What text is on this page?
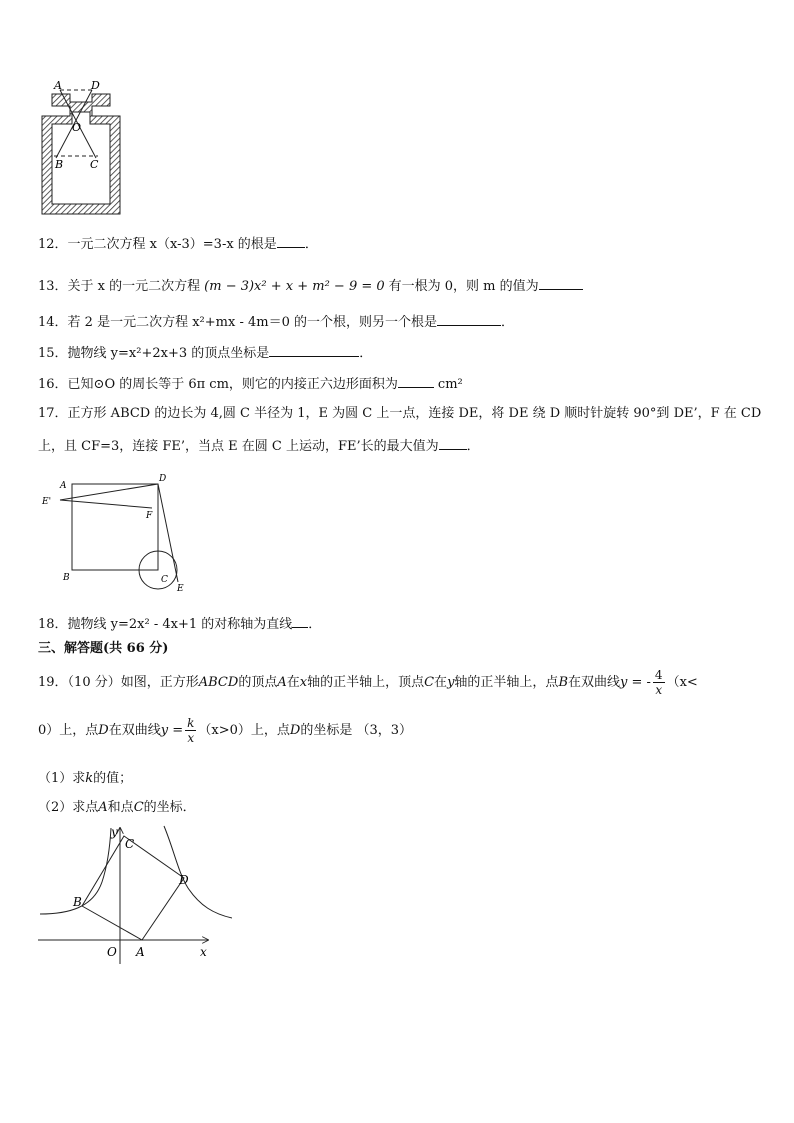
A	D
O
B C
12．一元二次方程 x（x-3）=3-x 的根是 ．
13．关于 x 的一元二次方程 (m − 3)x² + x + m² − 9 = 0 有一根为 0，则 m 的值为
14．若 2 是一元二次方程 x²+mx - 4m＝0 的一个根，则另一个根是	．
15．抛物线 y=x²+2x+3 的顶点坐标是	．
16．已知⊙O 的周长等于 6π cm，则它的内接正六边形面积为	cm²
17．正方形 ABCD 的边长为 4,圆 C 半径为 1，E 为圆 C 上一点，连接 DE，将 DE 绕 D 顺时针旋转 90°到 DE’，F 在 CD
上，且 CF=3，连接 FE’，当点 E 在圆 C 上运动，FE’长的最大值为 ．
A
D
E'
F
B	C
E
18．抛物线 y=2x² - 4x+1 的对称轴为直线 ．
三、解答题(共 66 分)
19．（10 分）如图，正方形ABCD的顶点A在x轴的正半轴上，顶点C在y轴的正半轴上，点B在双曲线y = - $\frac{4}{x} (x<$
0）上，点D在双曲线$y = \frac{k}{x} (x>0)$上，点D的坐标是 （3，3）
（1）求k的值；
（2）求点A和点C的坐标．
y
C
D
B
O A	x
